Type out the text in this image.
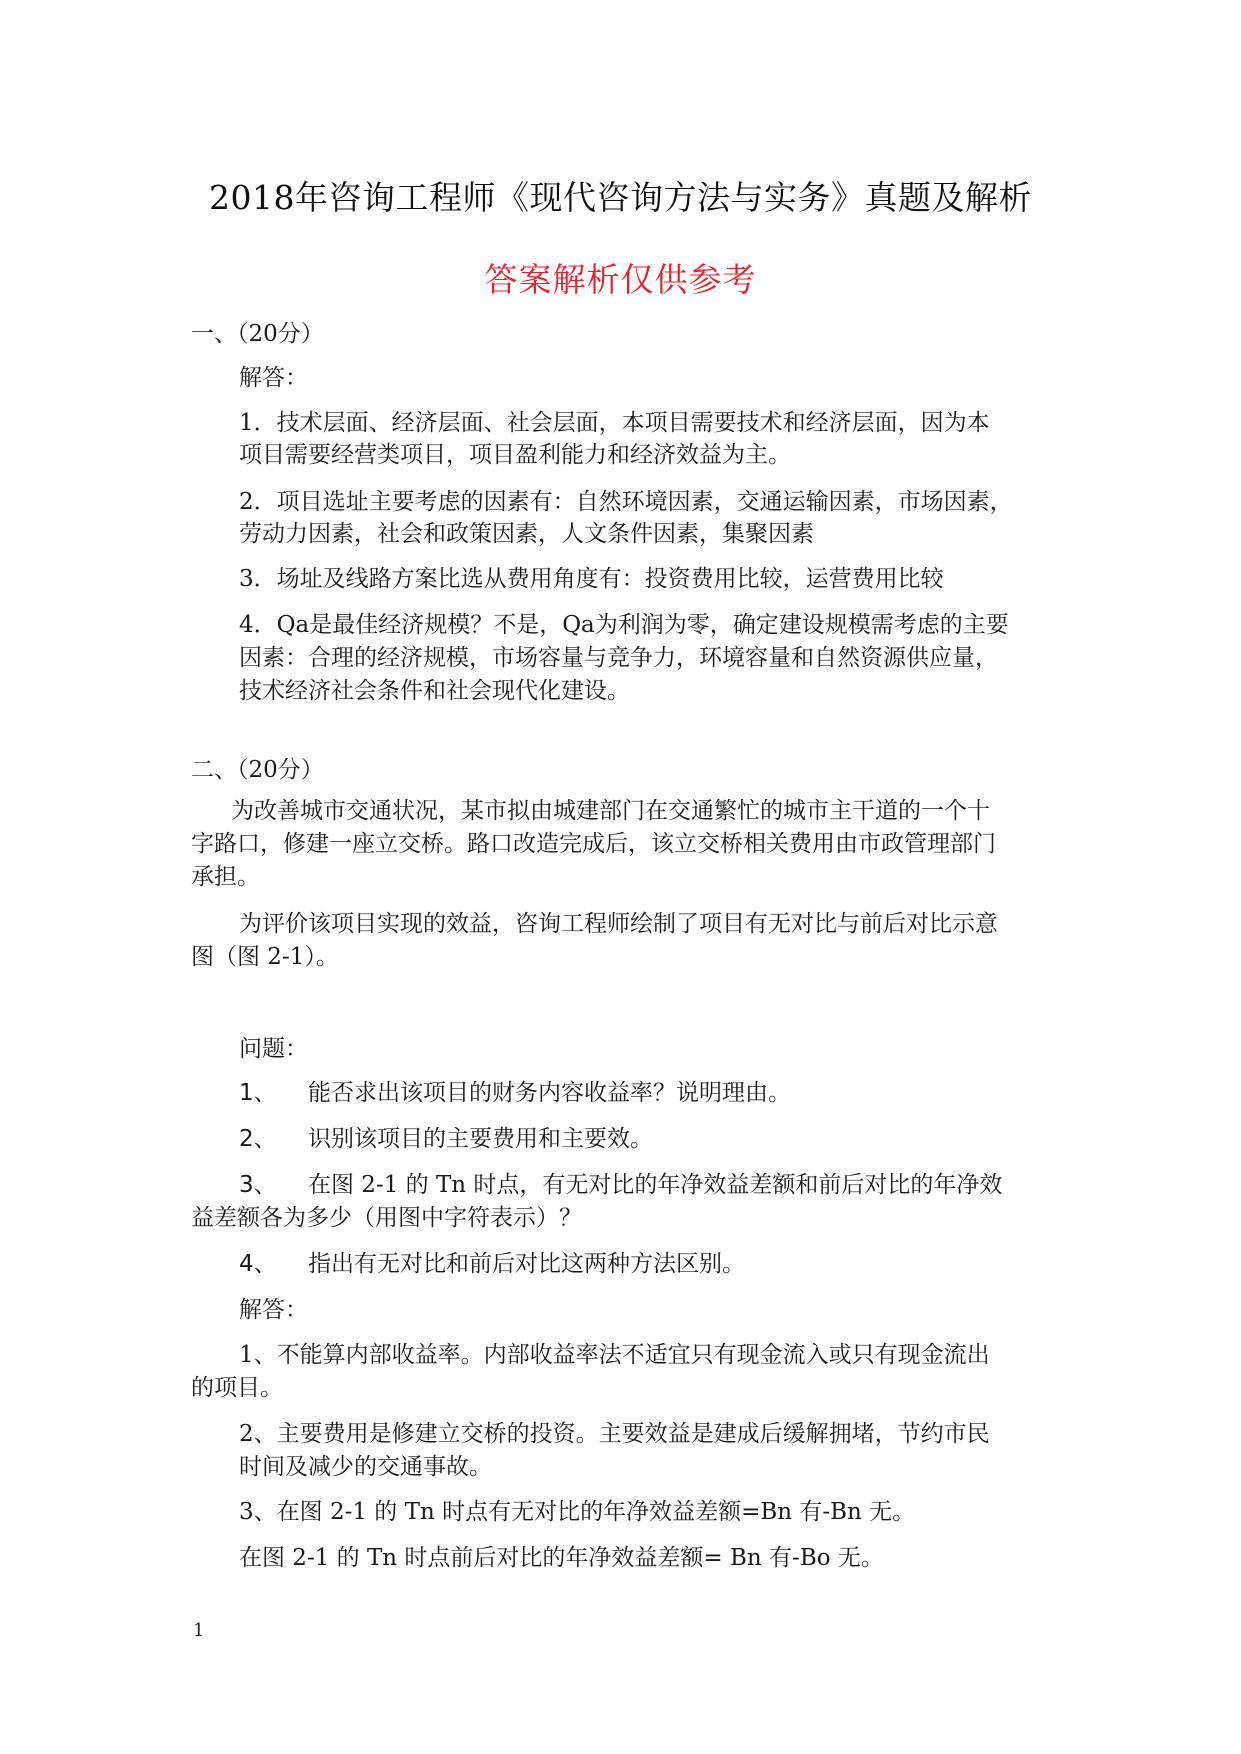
2018年咨询工程师《现代咨询方法与实务》真题及解析
答案解析仅供参考
一、（20分）
解答：
1．技术层面、经济层面、社会层面，本项目需要技术和经济层面，因为本
项目需要经营类项目，项目盈利能力和经济效益为主。
2．项目选址主要考虑的因素有：自然环境因素，交通运输因素，市场因素，
劳动力因素，社会和政策因素，人文条件因素，集聚因素
3．场址及线路方案比选从费用角度有：投资费用比较，运营费用比较
4．Qa是最佳经济规模？不是，Qa为利润为零，确定建设规模需考虑的主要
因素：合理的经济规模，市场容量与竞争力，环境容量和自然资源供应量，
技术经济社会条件和社会现代化建设。
二、（20分）
为改善城市交通状况，某市拟由城建部门在交通繁忙的城市主干道的一个十
字路口，修建一座立交桥。路口改造完成后，该立交桥相关费用由市政管理部门
承担。
为评价该项目实现的效益，咨询工程师绘制了项目有无对比与前后对比示意
图（图 2-1）。
问题：
1、 能否求出该项目的财务内容收益率？说明理由。
2、 识别该项目的主要费用和主要效。
3、 在图 2-1 的 Tn 时点，有无对比的年净效益差额和前后对比的年净效
益差额各为多少（用图中字符表示）？
4、 指出有无对比和前后对比这两种方法区别。
解答：
1、不能算内部收益率。内部收益率法不适宜只有现金流入或只有现金流出
的项目。
2、主要费用是修建立交桥的投资。主要效益是建成后缓解拥堵，节约市民
时间及减少的交通事故。
3、在图 2-1 的 Tn 时点有无对比的年净效益差额=Bn 有-Bn 无。
在图 2-1 的 Tn 时点前后对比的年净效益差额= Bn 有-Bo 无。
1
